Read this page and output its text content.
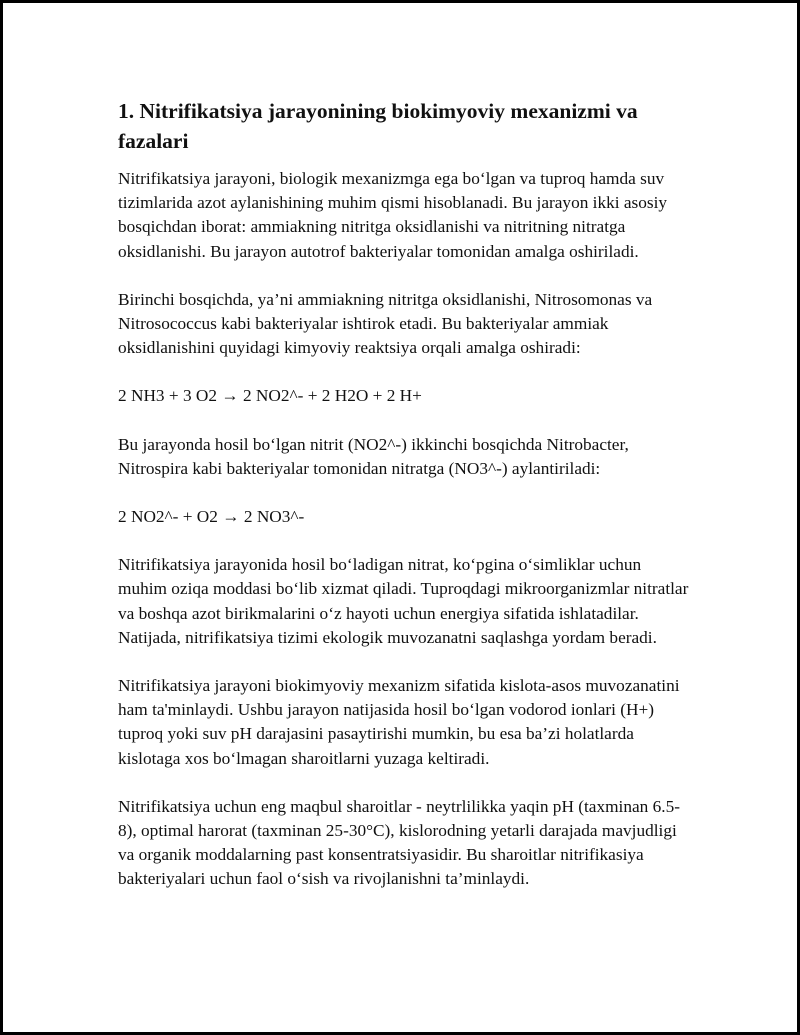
1. Nitrifikatsiya jarayonining biokimyoviy mexanizmi va fazalari

Nitrifikatsiya jarayoni, biologik mexanizmga ega bo‘lgan va tuproq hamda suv tizimlarida azot aylanishining muhim qismi hisoblanadi. Bu jarayon ikki asosiy bosqichdan iborat: ammiakning nitritga oksidlanishi va nitritning nitratga oksidlanishi. Bu jarayon autotrof bakteriyalar tomonidan amalga oshiriladi.

Birinchi bosqichda, ya’ni ammiakning nitritga oksidlanishi, Nitrosomonas va Nitrosococcus kabi bakteriyalar ishtirok etadi. Bu bakteriyalar ammiak oksidlanishini quyidagi kimyoviy reaktsiya orqali amalga oshiradi:

2 NH3 + 3 O2 → 2 NO2^- + 2 H2O + 2 H+

Bu jarayonda hosil bo‘lgan nitrit (NO2^-) ikkinchi bosqichda Nitrobacter, Nitrospira kabi bakteriyalar tomonidan nitratga (NO3^-) aylantiriladi:

2 NO2^- + O2 → 2 NO3^-

Nitrifikatsiya jarayonida hosil bo‘ladigan nitrat, ko‘pgina o‘simliklar uchun muhim oziqa moddasi bo‘lib xizmat qiladi. Tuproqdagi mikroorganizmlar nitratlar va boshqa azot birikmalarini o‘z hayoti uchun energiya sifatida ishlatadilar. Natijada, nitrifikatsiya tizimi ekologik muvozanatni saqlashga yordam beradi.

Nitrifikatsiya jarayoni biokimyoviy mexanizm sifatida kislota-asos muvozanatini ham ta'minlaydi. Ushbu jarayon natijasida hosil bo‘lgan vodorod ionlari (H+) tuproq yoki suv pH darajasini pasaytirishi mumkin, bu esa ba’zi holatlarda kislotaga xos bo‘lmagan sharoitlarni yuzaga keltiradi.

Nitrifikatsiya uchun eng maqbul sharoitlar - neytrlilikka yaqin pH (taxminan 6.5-8), optimal harorat (taxminan 25-30°C), kislorodning yetarli darajada mavjudligi va organik moddalarning past konsentratsiyasidir. Bu sharoitlar nitrifikasiya bakteriyalari uchun faol o‘sish va rivojlanishni ta’minlaydi.
